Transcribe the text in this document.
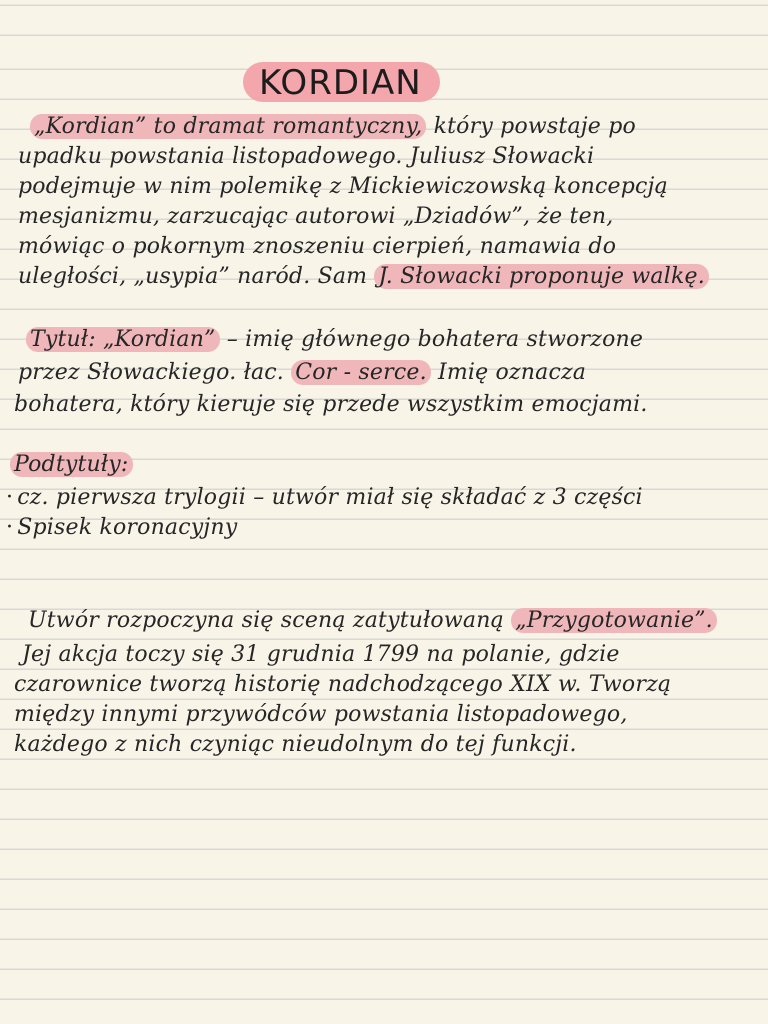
KORDIAN
„Kordian” to dramat romantyczny, który powstaje po
upadku powstania listopadowego. Juliusz Słowacki
podejmuje w nim polemikę z Mickiewiczowską koncepcją
mesjanizmu, zarzucając autorowi „Dziadów”, że ten,
mówiąc o pokornym znoszeniu cierpień, namawia do
uległości, „usypia” naród. Sam J. Słowacki proponuje walkę.
Tytuł: „Kordian” – imię głównego bohatera stworzone
przez Słowackiego. łac. Cor - serce. Imię oznacza
bohatera, który kieruje się przede wszystkim emocjami.
Podtytuły:
· cz. pierwsza trylogii – utwór miał się składać z 3 części
· Spisek koronacyjny
Utwór rozpoczyna się sceną zatytułowaną „Przygotowanie”.
Jej akcja toczy się 31 grudnia 1799 na polanie, gdzie
czarownice tworzą historię nadchodzącego XIX w. Tworzą
między innymi przywódców powstania listopadowego,
każdego z nich czyniąc nieudolnym do tej funkcji.
